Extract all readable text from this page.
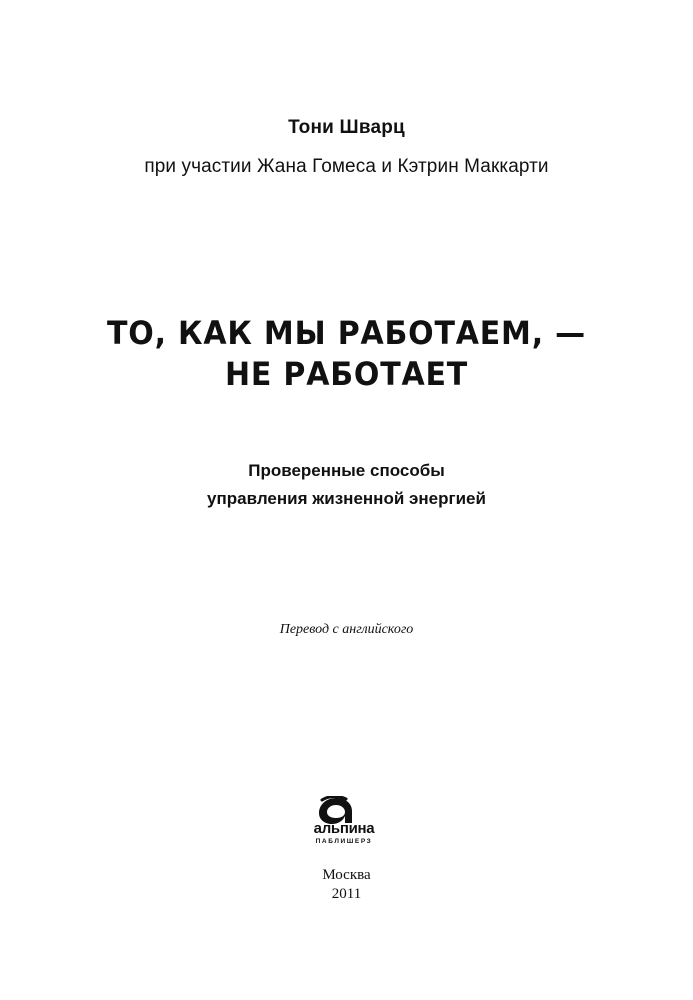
Тони Шварц
при участии Жана Гомеса и Кэтрин Маккарти
ТО, КАК МЫ РАБОТАЕМ, —
НЕ РАБОТАЕТ
Проверенные способы
управления жизненной энергией
Перевод с английского
альпина
ПАБЛИШЕРЗ
Москва
2011
